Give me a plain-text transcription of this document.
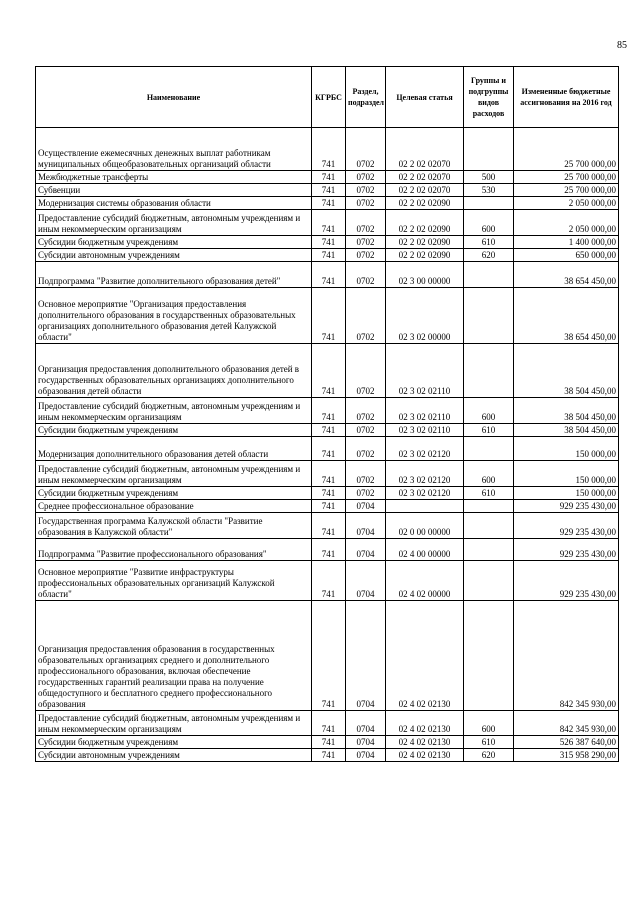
85
Наименование	КГРБС	Раздел, подраздел	Целевая статья	Группы и подгруппы видов расходов	Измененные бюджетные ассигнования на 2016 год
Осуществление ежемесячных денежных выплат работникам муниципальных общеобразовательных организаций области	741	0702	02 2 02 02070		25 700 000,00
Межбюджетные трансферты	741	0702	02 2 02 02070	500	25 700 000,00
Субвенции	741	0702	02 2 02 02070	530	25 700 000,00
Модернизация системы образования области	741	0702	02 2 02 02090		2 050 000,00
Предоставление субсидий бюджетным, автономным учреждениям и иным некоммерческим организациям	741	0702	02 2 02 02090	600	2 050 000,00
Субсидии бюджетным учреждениям	741	0702	02 2 02 02090	610	1 400 000,00
Субсидии автономным учреждениям	741	0702	02 2 02 02090	620	650 000,00
Подпрограмма "Развитие дополнительного образования детей"	741	0702	02 3 00 00000		38 654 450,00
Основное мероприятие "Организация предоставления дополнительного образования в государственных образовательных организациях дополнительного образования детей Калужской области"	741	0702	02 3 02 00000		38 654 450,00
Организация предоставления дополнительного образования детей в государственных образовательных организациях дополнительного образования детей области	741	0702	02 3 02 02110		38 504 450,00
Предоставление субсидий бюджетным, автономным учреждениям и иным некоммерческим организациям	741	0702	02 3 02 02110	600	38 504 450,00
Субсидии бюджетным учреждениям	741	0702	02 3 02 02110	610	38 504 450,00
Модернизация дополнительного образования детей области	741	0702	02 3 02 02120		150 000,00
Предоставление субсидий бюджетным, автономным учреждениям и иным некоммерческим организациям	741	0702	02 3 02 02120	600	150 000,00
Субсидии бюджетным учреждениям	741	0702	02 3 02 02120	610	150 000,00
Среднее профессиональное образование	741	0704			929 235 430,00
Государственная программа Калужской области "Развитие образования в Калужской области"	741	0704	02 0 00 00000		929 235 430,00
Подпрограмма "Развитие профессионального образования"	741	0704	02 4 00 00000		929 235 430,00
Основное мероприятие "Развитие инфраструктуры профессиональных образовательных организаций Калужской области"	741	0704	02 4 02 00000		929 235 430,00
Организация предоставления образования в государственных образовательных организациях среднего и дополнительного профессионального образования, включая обеспечение государственных гарантий реализации права на получение общедоступного и бесплатного среднего профессионального образования	741	0704	02 4 02 02130		842 345 930,00
Предоставление субсидий бюджетным, автономным учреждениям и иным некоммерческим организациям	741	0704	02 4 02 02130	600	842 345 930,00
Субсидии бюджетным учреждениям	741	0704	02 4 02 02130	610	526 387 640,00
Субсидии автономным учреждениям	741	0704	02 4 02 02130	620	315 958 290,00
